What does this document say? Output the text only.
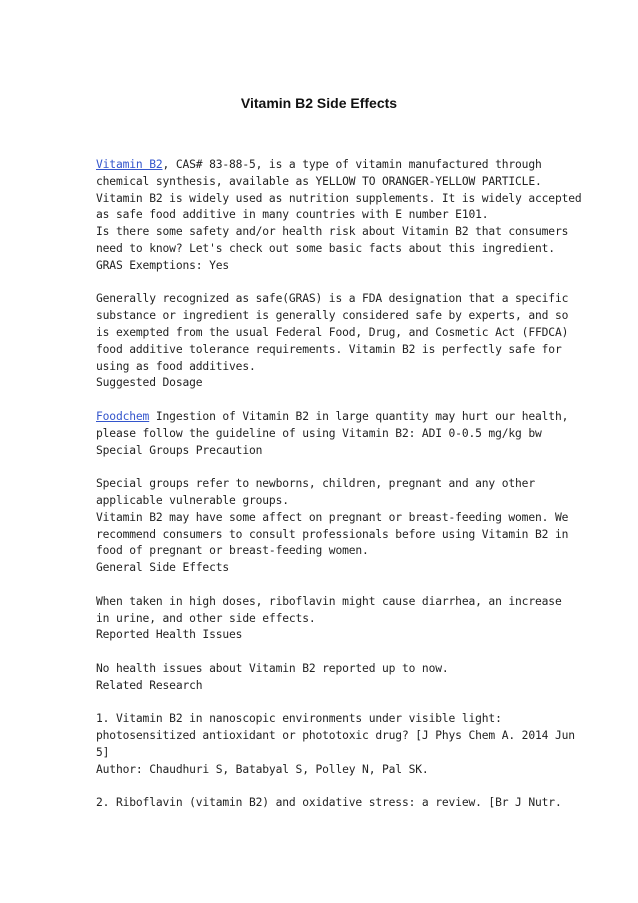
Vitamin B2 Side Effects
Vitamin B2, CAS# 83-88-5, is a type of vitamin manufactured through
chemical synthesis, available as YELLOW TO ORANGER-YELLOW PARTICLE.
Vitamin B2 is widely used as nutrition supplements. It is widely accepted
as safe food additive in many countries with E number E101.
Is there some safety and/or health risk about Vitamin B2 that consumers
need to know? Let's check out some basic facts about this ingredient.
GRAS Exemptions: Yes
Generally recognized as safe(GRAS) is a FDA designation that a specific
substance or ingredient is generally considered safe by experts, and so
is exempted from the usual Federal Food, Drug, and Cosmetic Act (FFDCA)
food additive tolerance requirements. Vitamin B2 is perfectly safe for
using as food additives.
Suggested Dosage
Foodchem Ingestion of Vitamin B2 in large quantity may hurt our health,
please follow the guideline of using Vitamin B2: ADI 0-0.5 mg/kg bw
Special Groups Precaution
Special groups refer to newborns, children, pregnant and any other
applicable vulnerable groups.
Vitamin B2 may have some affect on pregnant or breast-feeding women. We
recommend consumers to consult professionals before using Vitamin B2 in
food of pregnant or breast-feeding women.
General Side Effects
When taken in high doses, riboflavin might cause diarrhea, an increase
in urine, and other side effects.
Reported Health Issues
No health issues about Vitamin B2 reported up to now.
Related Research
1. Vitamin B2 in nanoscopic environments under visible light:
photosensitized antioxidant or phototoxic drug? [J Phys Chem A. 2014 Jun
5]
Author: Chaudhuri S, Batabyal S, Polley N, Pal SK.
2. Riboflavin (vitamin B2) and oxidative stress: a review. [Br J Nutr.
